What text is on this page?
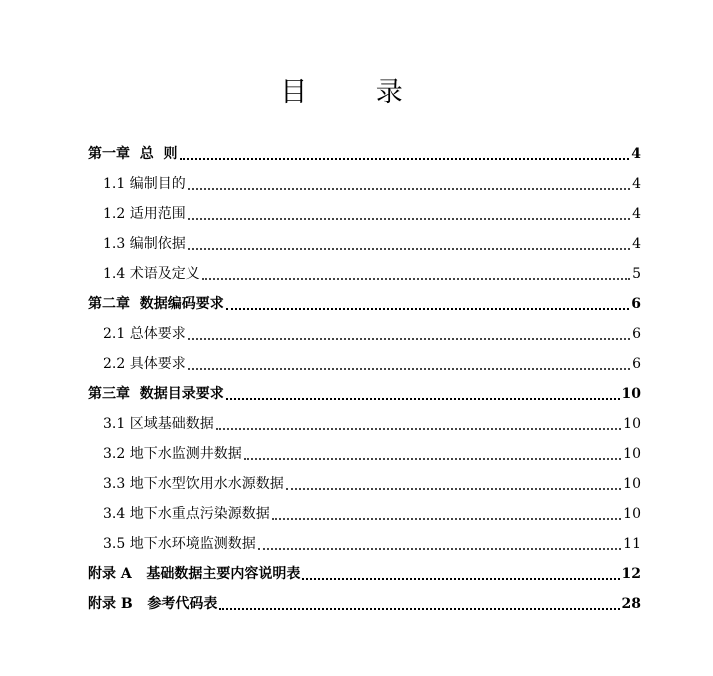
目 录
第一章  总  则	4
1.1 编制目的	4
1.2 适用范围	4
1.3 编制依据	4
1.4 术语及定义	5
第二章  数据编码要求	6
2.1 总体要求	6
2.2 具体要求	6
第三章  数据目录要求	10
3.1 区域基础数据	10
3.2 地下水监测井数据	10
3.3 地下水型饮用水水源数据	10
3.4 地下水重点污染源数据	10
3.5 地下水环境监测数据	11
附录 A   基础数据主要内容说明表	12
附录 B   参考代码表	28
